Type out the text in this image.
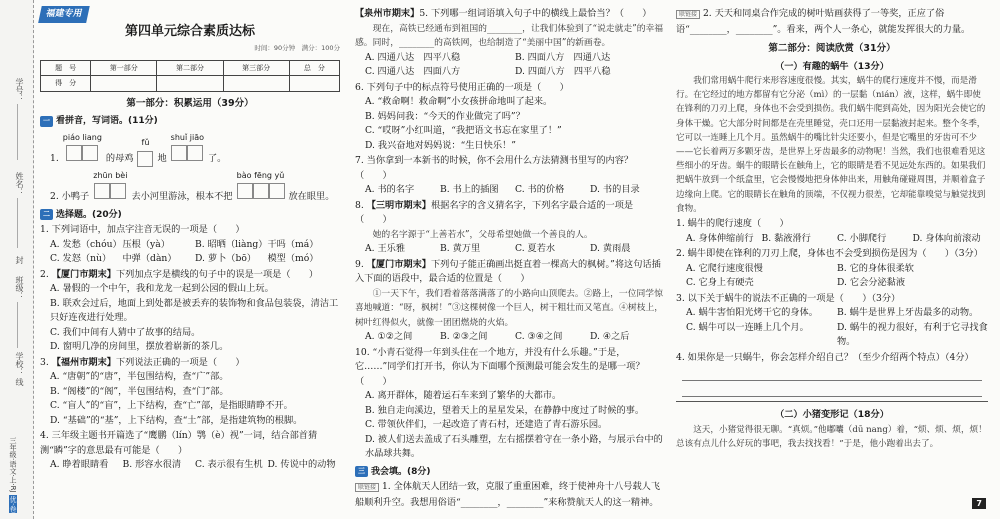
学号：
姓名：
封
班级：
学校：
线
三年级·语文·上·RJ 优·卷
福建专用
第四单元综合素质达标
时间：90分钟　满分：100分
题　号	第一部分	第二部分	第三部分	总　分
得　分				
第一部分：积累运用（39分）
一 看拼音，写词语。(11分)
1.
piáo liang
的母鸡
fǔ
地
shuǐ jiāo
了。
2. 小鸭子
zhūn bèi
去小河里游泳，根本不把
bào fēng yǔ
放在眼里。
二 选择题。(20分)
1. 下列词语中，加点字注音无误的一项是（　　）
A. 发愁（chóu） 压根（yà）	B. 昭晒（liàng） 干吗（má）
C. 发怒（nù）	中弹（dàn）	D. 萝卜（bō）	模型（mó）
2. 【厦门市期末】下列加点字是横线的句子中的误是一项是（　　）
A. 暑假的一个中午，我和龙龙一起到公园的假山上玩。
B. 联欢会过后，地面上到处都是被丢弃的装饰物和食品包装袋，清洁工只好连夜进行处理。
C. 我们中间有人猜中了故事的结局。
D. 窗明几净的房间里，摆放着崭新的茶几。
3. 【福州市期末】下列说法正确的一项是（　　）
A. “唐朝”的“唐”，半包围结构，查“广”部。
B. “阁楼”的“阁”，半包围结构，查“门”部。
C. “盲人”的“盲”，上下结构，查“亡”部，是指眼睛睁不开。
D. “基础”的“基”，上下结构，查“土”部，是指建筑物的根脚。
4. 三年级主题书开篇选了“鹰鹏（lín）鹗（è）视”一词，结合部首猜测“瞵”字的意思最有可能是（　　）
A. 睁着眼睛看	B. 形容水很清	C. 表示很有生机 D. 传说中的动物
【泉州市期末】5. 下列哪一组词语填入句子中的横线上最恰当？（　　）
现在，高铁已经通布到祖国的________，让我们体验到了“说走就走”的幸福感。同时，________的高铁网，也给制造了“美丽中国”的新画卷。
A. 四通八达　四平八稳	B. 四面八方　四通八达
C. 四通八达　四面八方	D. 四面八方　四平八稳
6. 下列句子中的标点符号使用正确的一项是（　　）
A. “救命啊！救命啊”小女孩拼命地叫了起来。
B. 妈妈问我：“今天的作业做完了吗”？
C. “哎呀”小红叫道，“我把语文书忘在家里了！”
D. 我兴奋地对妈妈说：“生日快乐！”
7. 当你拿到一本新书的时候，你不会用什么方法猜测书里写的内容？（　　）
A. 书的名字	B. 书上的插图	C. 书的价格	D. 书的目录
8. 【三明市期末】根据名字的含义猜名字，下列名字最合适的一项是（　　）
她的名字源于“上善若水”，父母希望她做一个善良的人。
A. 王乐雅	B. 黄万里	C. 夏若水	D. 黄雨晨
9. 【厦门市期末】下列句子能正确画出挺直着一棵高大的枫树。”将这句话插入下面的语段中，最合适的位置是（　　）
①一天下午，我们看着落落满落了的小路向山顶爬去。②路上，一位同学惊喜地喊道：“呀，枫树！”③这棵树像一个巨人，树干粗壮而又笔直。④树枝上，树叶红得似火，就像一团团燃烧的火焰。
A. ①②之间	B. ②③之间	C. ③④之间	D. ④之后
10. “小青石觉得一年到头住在一个地方，并没有什么乐趣。”于是，它……”同学们打开书，你认为下面哪个预测最可能会发生的是哪一项？（　　）
A. 离开群体，随着运石车来到了繁华的大都市。
B. 独自走向溪边，望着天上的星星发呆，在静静中度过了时候的事。
C. 带领伙伴们，一起改造了青石村，还建造了青石游乐园。
D. 被人们送去盖成了石头雕塑，左右摇摆着守在一条小路，与展示台中的水晶球共舞。
三 我会填。(8分)
联链接 1. 全体航天人团结一致，克服了重重困难，终于使神舟十八号载人飞船顺利升空。我想用俗语“________，________”来称赞航天人的这一精神。
联链接 2. 天天和同桌合作完成的树叶贴画获得了一等奖，正应了俗语“________，________”。看来，两个人一条心，就能发挥很大的力量。
第二部分：阅读欣赏（31分）
（一）有趣的蜗牛（13分）
我们常用蜗牛爬行来形容速度很慢。其实，蜗牛的爬行速度并不慢，而是滑行。在它经过的地方都留有它分泌（mì）的一层黏（nián）液，这样，蜗牛即使在锋利的刀刃上爬，身体也不会受到损伤。我们蜗牛爬到高处，因为阳光会使它的身体干燥。它大部分时间都是在壳里睡觉，壳口还用一层黏液封起来。整个冬季，它可以一连睡上几个月。虽然蜗牛的嘴比针尖还要小，但是它嘴里的牙齿可不少——它长着两万多颗牙齿，是世界上牙齿最多的动物呢！当然，我们也很难看见这些细小的牙齿。蜗牛的眼睛长在触角上，它的眼睛是看不见远处东西的。如果我们把蜗牛放到一个纸盒里，它会慢慢地把身体伸出来，用触角碰碰周围，并顺着盒子边缘向上爬。它的眼睛长在触角的顶端，不仅视力很差，它却能靠嗅觉与触觉找到食物。
1. 蜗牛的爬行速度（　　）
A. 身体伸缩前行 B. 黏液滑行	C. 小脚爬行	D. 身体向前滚动
2. 蜗牛即使在锋利的刀刃上爬，身体也不会受到损伤是因为（　　）（3分）
A. 它爬行速度很慢	B. 它的身体很柔软
C. 它身上有硬壳	D. 它会分泌黏液
3. 以下关于蜗牛的说法不正确的一项是（　　）（3分）
A. 蜗牛害怕阳光烤干它的身体。	B. 蜗牛是世界上牙齿最多的动物。
C. 蜗牛可以一连睡上几个月。	D. 蜗牛的视力很好，有利于它寻找食物。
4. 如果你是一只蜗牛，你会怎样介绍自己？（至少介绍两个特点）（4分）
（二）小猪变形记（18分）
这天，小猪觉得很无聊。“真烦。”他嘟囔（dū nang）着，“烦、烦、烦，烦！总该有点儿什么好玩的事吧，我去找找看！”于是，他小跑着出去了。
7
